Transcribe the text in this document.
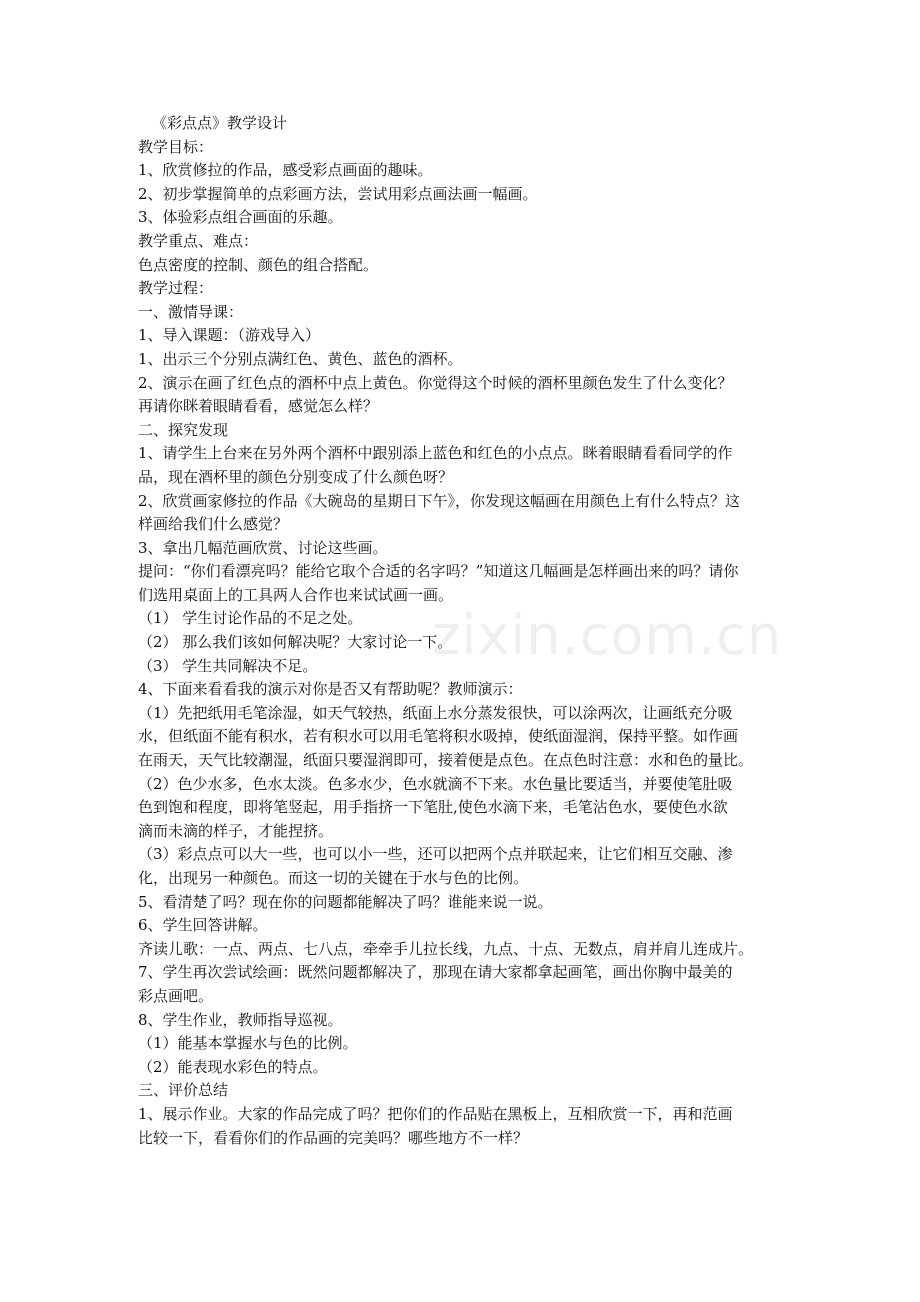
《彩点点》教学设计
教学目标：
1、欣赏修拉的作品，感受彩点画面的趣味。
2、初步掌握简单的点彩画方法，尝试用彩点画法画一幅画。
3、体验彩点组合画面的乐趣。
教学重点、难点：
色点密度的控制、颜色的组合搭配。
教学过程：
一、激情导课：
1、导入课题：（游戏导入）
1、出示三个分别点满红色、黄色、蓝色的酒杯。
2、演示在画了红色点的酒杯中点上黄色。你觉得这个时候的酒杯里颜色发生了什么变化？
再请你眯着眼睛看看，感觉怎么样？
二、探究发现
1、请学生上台来在另外两个酒杯中跟别添上蓝色和红色的小点点。眯着眼睛看看同学的作
品，现在酒杯里的颜色分别变成了什么颜色呀？
2、欣赏画家修拉的作品《大碗岛的星期日下午》，你发现这幅画在用颜色上有什么特点？这
样画给我们什么感觉？
3、拿出几幅范画欣赏、讨论这些画。
提问：“你们看漂亮吗？能给它取个合适的名字吗？”知道这几幅画是怎样画出来的吗？请你
们选用桌面上的工具两人合作也来试试画一画。
（1） 学生讨论作品的不足之处。
（2） 那么我们该如何解决呢？大家讨论一下。
（3） 学生共同解决不足。
4、下面来看看我的演示对你是否又有帮助呢？教师演示：
（1）先把纸用毛笔涂湿，如天气较热，纸面上水分蒸发很快，可以涂两次，让画纸充分吸
水，但纸面不能有积水，若有积水可以用毛笔将积水吸掉，使纸面湿润，保持平整。如作画
在雨天，天气比较潮湿，纸面只要湿润即可，接着便是点色。在点色时注意：水和色的量比。
（2）色少水多，色水太淡。色多水少，色水就滴不下来。水色量比要适当，并要使笔肚吸
色到饱和程度，即将笔竖起，用手指挤一下笔肚,使色水滴下来，毛笔沾色水，要使色水欲
滴而未滴的样子，才能捏挤。
（3）彩点点可以大一些，也可以小一些，还可以把两个点并联起来，让它们相互交融、渗
化，出现另一种颜色。而这一切的关键在于水与色的比例。
5、看清楚了吗？现在你的问题都能解决了吗？谁能来说一说。
6、学生回答讲解。
齐读儿歌：一点、两点、七八点，牵牵手儿拉长线，九点、十点、无数点，肩并肩儿连成片。
7、学生再次尝试绘画：既然问题都解决了，那现在请大家都拿起画笔，画出你胸中最美的
彩点画吧。
8、学生作业，教师指导巡视。
（1）能基本掌握水与色的比例。
（2）能表现水彩色的特点。
三、评价总结
1、展示作业。大家的作品完成了吗？把你们的作品贴在黑板上，互相欣赏一下，再和范画
比较一下，看看你们的作品画的完美吗？哪些地方不一样？
zixin.com.cn
